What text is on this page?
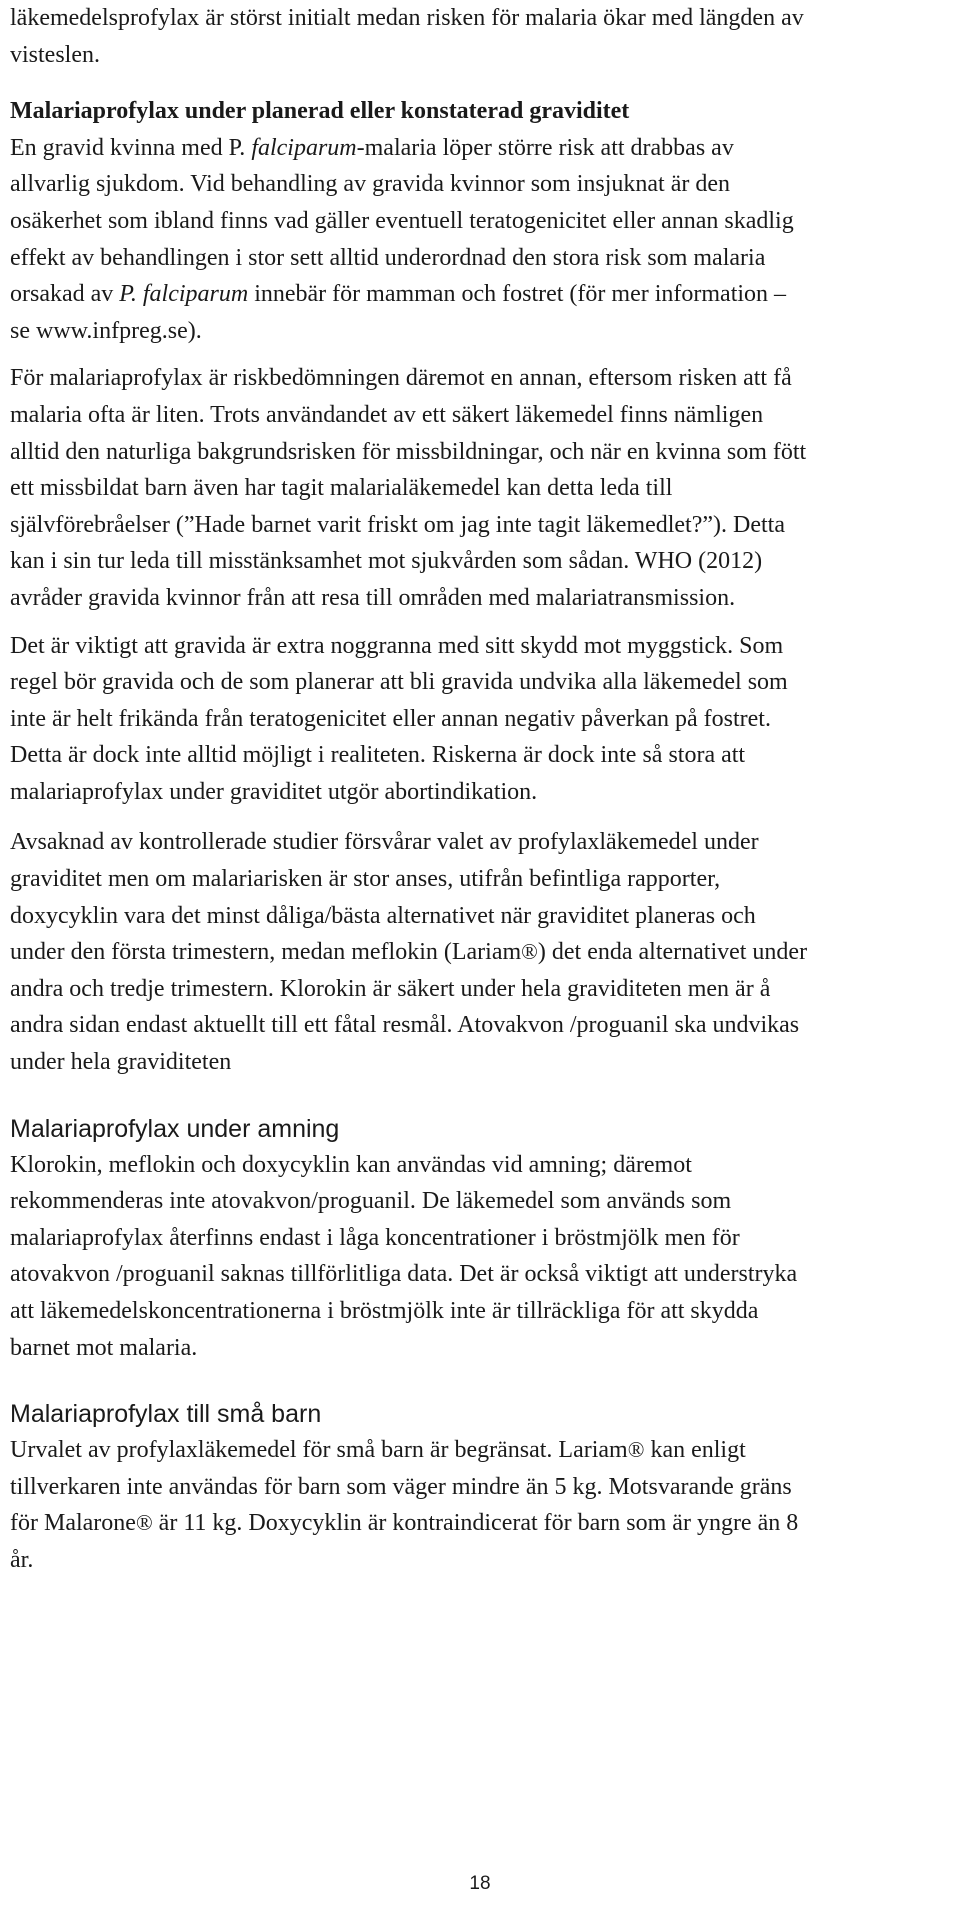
läkemedelsprofylax är störst initialt medan risken för malaria ökar med längden av
visteslen.

Malariaprofylax under planerad eller konstaterad graviditet

En gravid kvinna med P. falciparum-malaria löper större risk att drabbas av
allvarlig sjukdom. Vid behandling av gravida kvinnor som insjuknat är den
osäkerhet som ibland finns vad gäller eventuell teratogenicitet eller annan skadlig
effekt av behandlingen i stor sett alltid underordnad den stora risk som malaria
orsakad av P. falciparum innebär för mamman och fostret (för mer information –
se www.infpreg.se).

För malariaprofylax är riskbedömningen däremot en annan, eftersom risken att få
malaria ofta är liten. Trots användandet av ett säkert läkemedel finns nämligen
alltid den naturliga bakgrundsrisken för missbildningar, och när en kvinna som fött
ett missbildat barn även har tagit malarialäkemedel kan detta leda till
självförebråelser (”Hade barnet varit friskt om jag inte tagit läkemedlet?”). Detta
kan i sin tur leda till misstänksamhet mot sjukvården som sådan. WHO (2012)
avråder gravida kvinnor från att resa till områden med malariatransmission.

Det är viktigt att gravida är extra noggranna med sitt skydd mot myggstick. Som
regel bör gravida och de som planerar att bli gravida undvika alla läkemedel som
inte är helt frikända från teratogenicitet eller annan negativ påverkan på fostret.
Detta är dock inte alltid möjligt i realiteten. Riskerna är dock inte så stora att
malariaprofylax under graviditet utgör abortindikation.

Avsaknad av kontrollerade studier försvårar valet av profylaxläkemedel under
graviditet men om malariarisken är stor anses, utifrån befintliga rapporter,
doxycyklin vara det minst dåliga/bästa alternativet när graviditet planeras och
under den första trimestern, medan meflokin (Lariam®) det enda alternativet under
andra och tredje trimestern. Klorokin är säkert under hela graviditeten men är å
andra sidan endast aktuellt till ett fåtal resmål. Atovakvon /proguanil ska undvikas
under hela graviditeten

Malariaprofylax under amning

Klorokin, meflokin och doxycyklin kan användas vid amning; däremot
rekommenderas inte atovakvon/proguanil. De läkemedel som används som
malariaprofylax återfinns endast i låga koncentrationer i bröstmjölk men för
atovakvon /proguanil saknas tillförlitliga data. Det är också viktigt att understryka
att läkemedelskoncentrationerna i bröstmjölk inte är tillräckliga för att skydda
barnet mot malaria.

Malariaprofylax till små barn

Urvalet av profylaxläkemedel för små barn är begränsat. Lariam® kan enligt
tillverkaren inte användas för barn som väger mindre än 5 kg. Motsvarande gräns
för Malarone® är 11 kg. Doxycyklin är kontraindicerat för barn som är yngre än 8
år.

18
